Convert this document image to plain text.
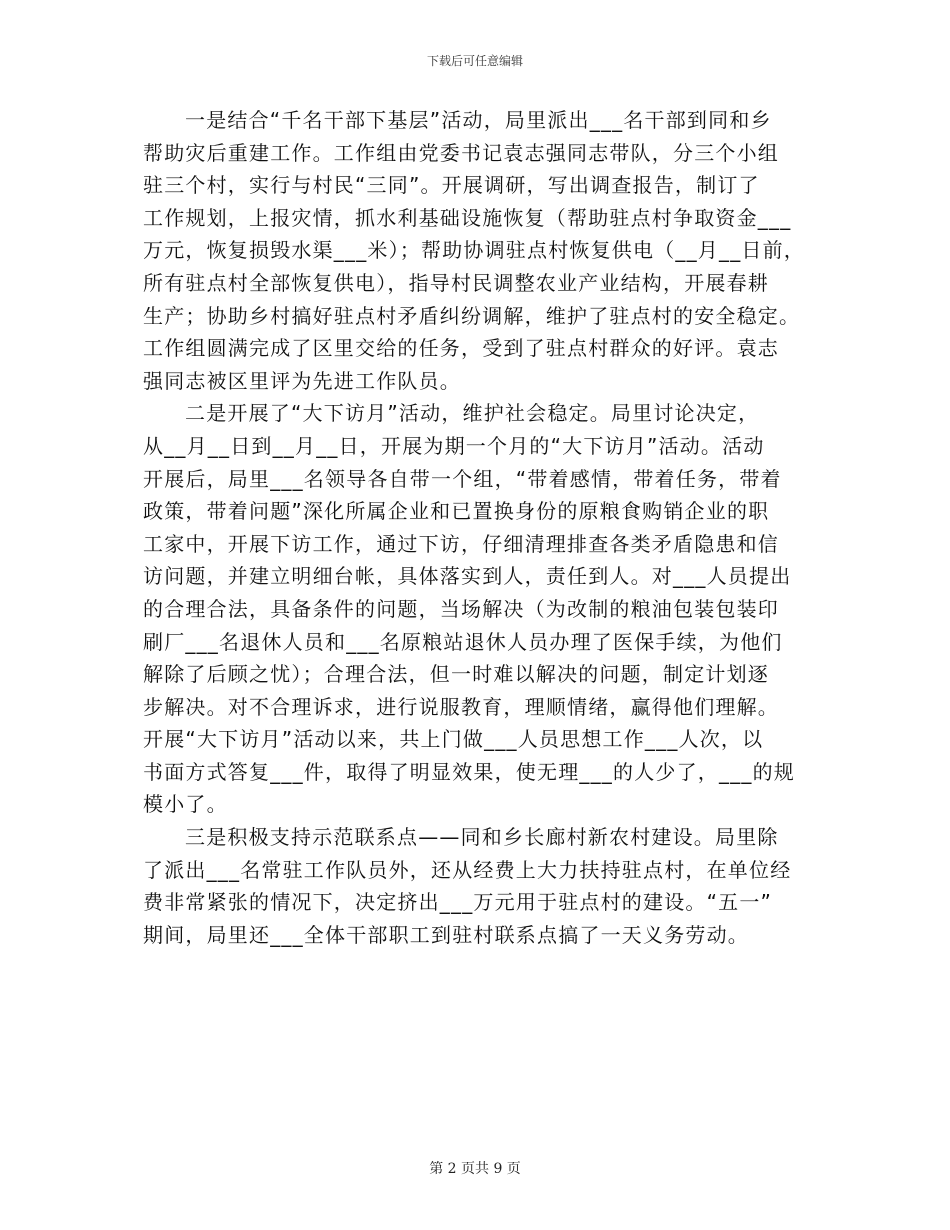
下载后可任意编辑

一是结合“千名干部下基层”活动，局里派出___名干部到同和乡
帮助灾后重建工作。工作组由党委书记袁志强同志带队，分三个小组
驻三个村，实行与村民“三同”。开展调研，写出调查报告，制订了
工作规划，上报灾情，抓水利基础设施恢复（帮助驻点村争取资金___
万元，恢复损毁水渠___米）；帮助协调驻点村恢复供电（__月__日前，
所有驻点村全部恢复供电），指导村民调整农业产业结构，开展春耕
生产；协助乡村搞好驻点村矛盾纠纷调解，维护了驻点村的安全稳定。
工作组圆满完成了区里交给的任务，受到了驻点村群众的好评。袁志
强同志被区里评为先进工作队员。

二是开展了“大下访月”活动，维护社会稳定。局里讨论决定，
从__月__日到__月__日，开展为期一个月的“大下访月”活动。活动
开展后，局里___名领导各自带一个组，“带着感情，带着任务，带着
政策，带着问题”深化所属企业和已置换身份的原粮食购销企业的职
工家中，开展下访工作，通过下访，仔细清理排查各类矛盾隐患和信
访问题，并建立明细台帐，具体落实到人，责任到人。对___人员提出
的合理合法，具备条件的问题，当场解决（为改制的粮油包装包装印
刷厂___名退休人员和___名原粮站退休人员办理了医保手续，为他们
解除了后顾之忧）；合理合法，但一时难以解决的问题，制定计划逐
步解决。对不合理诉求，进行说服教育，理顺情绪，赢得他们理解。
开展“大下访月”活动以来，共上门做___人员思想工作___人次，以
书面方式答复___件，取得了明显效果，使无理___的人少了，___的规
模小了。

三是积极支持示范联系点——同和乡长廊村新农村建设。局里除
了派出___名常驻工作队员外，还从经费上大力扶持驻点村，在单位经
费非常紧张的情况下，决定挤出___万元用于驻点村的建设。“五一”
期间，局里还___全体干部职工到驻村联系点搞了一天义务劳动。

第 2 页共 9 页
